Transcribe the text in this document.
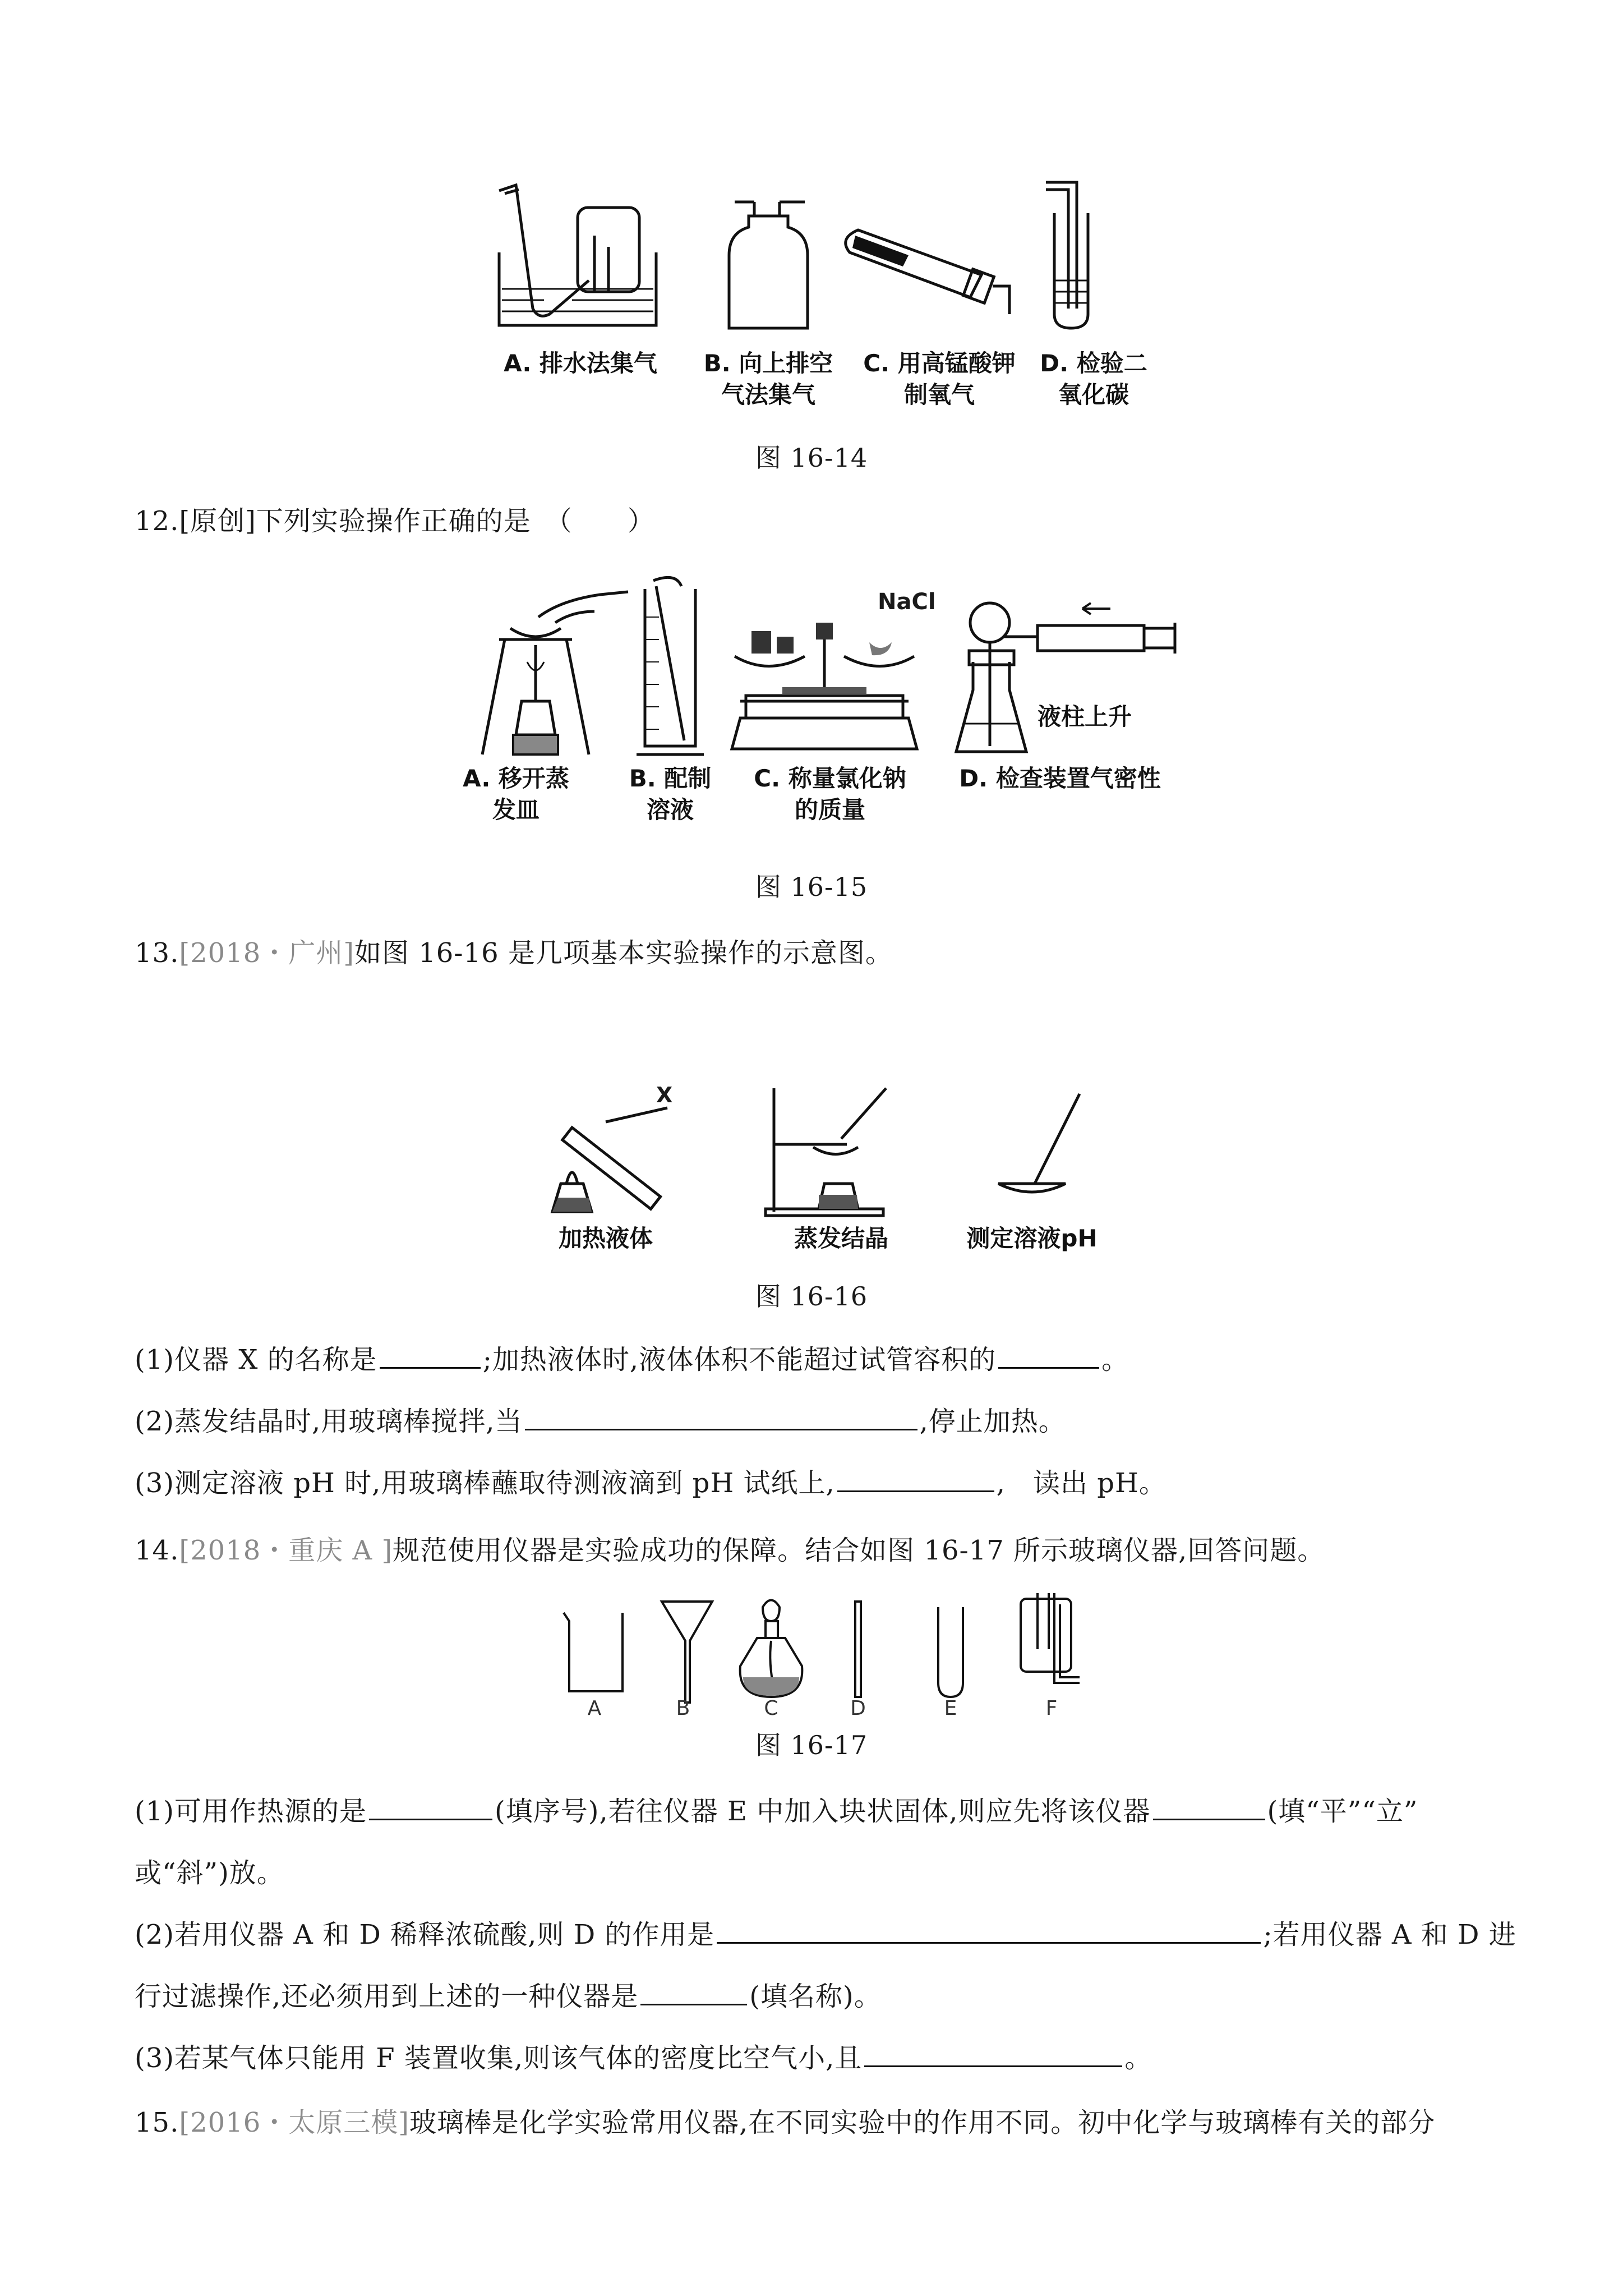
A. 排水法集气	B. 向上排空
气法集气
C. 用高锰酸钾
制氧气
D. 检验二
氧化碳
图 16-14
12.[原创]下列实验操作正确的是　（　　）
NaCl
液柱上升
A. 移开蒸
发皿
B. 配制
溶液
C. 称量氯化钠
的质量
D. 检查装置气密性
图 16-15
13.[2018・广州]如图 16-16 是几项基本实验操作的示意图。
X
加热液体	蒸发结晶	测定溶液pH
图 16-16
(1)仪器 X 的名称是	;加热液体时,液体体积不能超过试管容积的	。
(2)蒸发结晶时,用玻璃棒搅拌,当	,停止加热。
(3)测定溶液 pH 时,用玻璃棒蘸取待测液滴到 pH 试纸上,	,　读出 pH。
14.[2018・重庆 A ]规范使用仪器是实验成功的保障。结合如图 16-17 所示玻璃仪器,回答问题。
A	B	C	D	E	F
图 16-17
(1)可用作热源的是	(填序号),若往仪器 E 中加入块状固体,则应先将该仪器	(填“平”“立”
或“斜”)放。
(2)若用仪器 A 和 D 稀释浓硫酸,则 D 的作用是	;若用仪器 A 和 D 进
行过滤操作,还必须用到上述的一种仪器是	(填名称)。
(3)若某气体只能用 F 装置收集,则该气体的密度比空气小,且	。
15.[2016・太原三模]玻璃棒是化学实验常用仪器,在不同实验中的作用不同。初中化学与玻璃棒有关的部分
